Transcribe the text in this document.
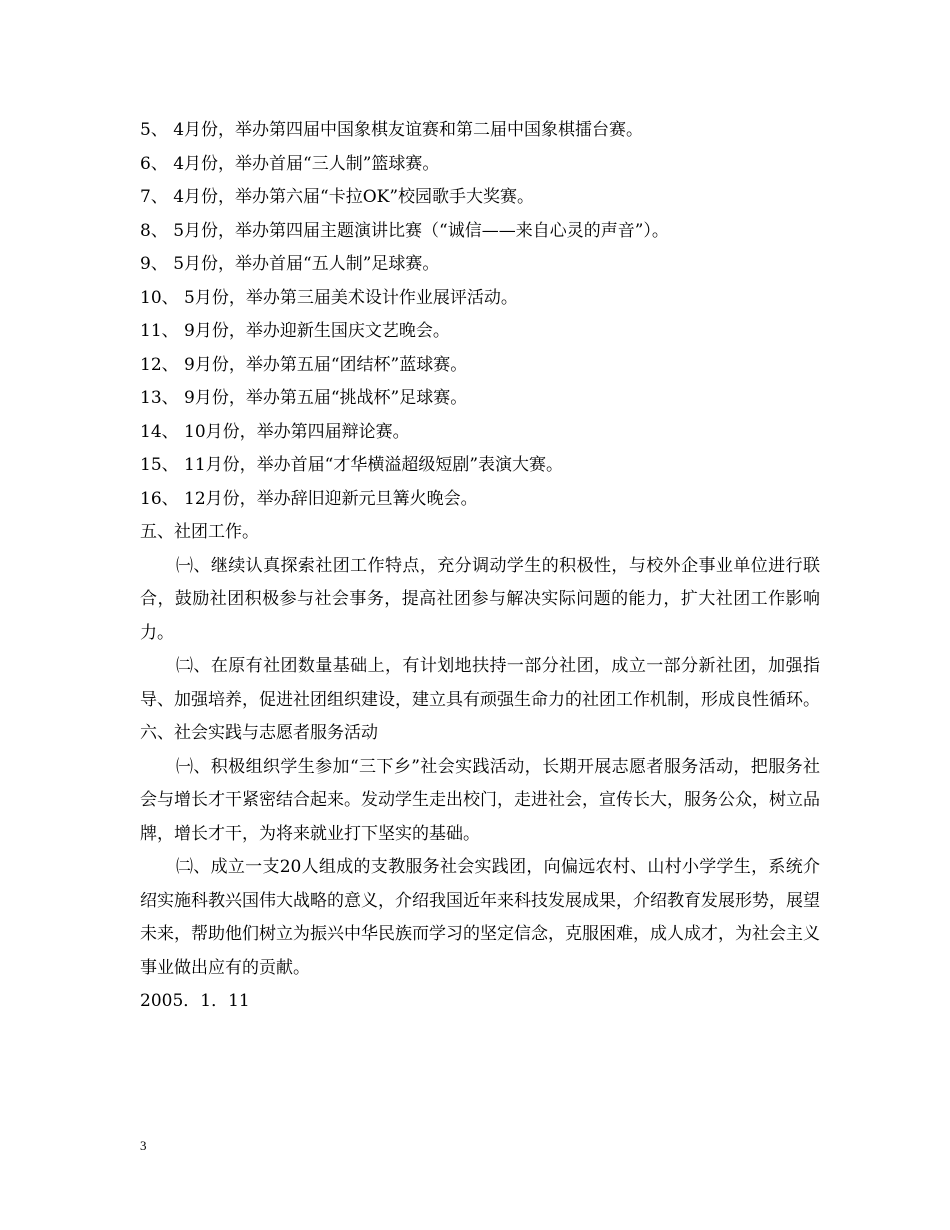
5、 4月份，举办第四届中国象棋友谊赛和第二届中国象棋擂台赛。

6、 4月份，举办首届“三人制”篮球赛。

7、 4月份，举办第六届“卡拉OK”校园歌手大奖赛。

8、 5月份，举办第四届主题演讲比赛（“诚信——来自心灵的声音”）。

9、 5月份，举办首届“五人制”足球赛。

10、 5月份，举办第三届美术设计作业展评活动。

11、 9月份，举办迎新生国庆文艺晚会。

12、 9月份，举办第五届“团结杯”蓝球赛。

13、 9月份，举办第五届“挑战杯”足球赛。

14、 10月份，举办第四届辩论赛。

15、 11月份，举办首届“才华横溢超级短剧”表演大赛。

16、 12月份，举办辞旧迎新元旦篝火晚会。

五、社团工作。

㈠、继续认真探索社团工作特点，充分调动学生的积极性，与校外企事业单位进行联合，鼓励社团积极参与社会事务，提高社团参与解决实际问题的能力，扩大社团工作影响力。

㈡、在原有社团数量基础上，有计划地扶持一部分社团，成立一部分新社团，加强指导、加强培养，促进社团组织建设，建立具有顽强生命力的社团工作机制，形成良性循环。

六、社会实践与志愿者服务活动

㈠、积极组织学生参加“三下乡”社会实践活动，长期开展志愿者服务活动，把服务社会与增长才干紧密结合起来。发动学生走出校门，走进社会，宣传长大，服务公众，树立品牌，增长才干，为将来就业打下坚实的基础。

㈡、成立一支20人组成的支教服务社会实践团，向偏远农村、山村小学学生，系统介绍实施科教兴国伟大战略的意义，介绍我国近年来科技发展成果，介绍教育发展形势，展望未来，帮助他们树立为振兴中华民族而学习的坚定信念，克服困难，成人成才，为社会主义事业做出应有的贡献。

2005．1．11

3
